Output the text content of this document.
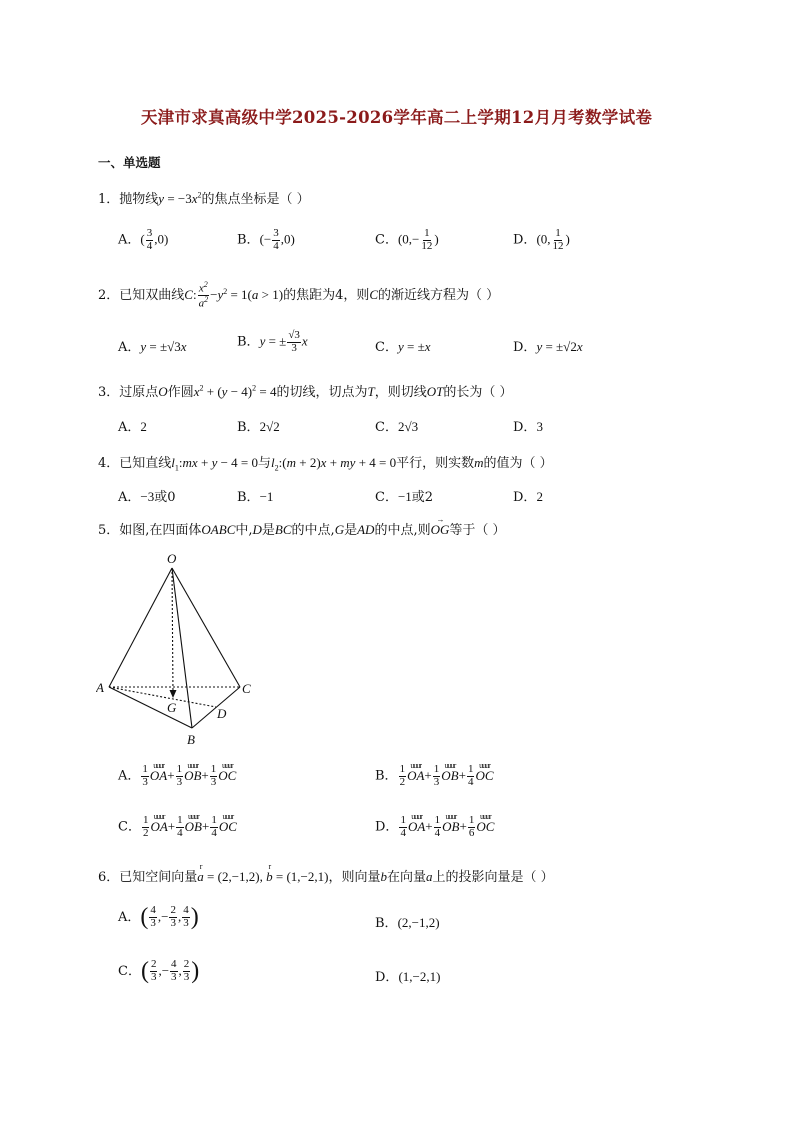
天津市求真高级中学2025-2026学年高二上学期12月月考数学试卷
一、单选题
1．抛物线$y = -3x^2$的焦点坐标是（ ）
A．( $\frac{3}{4} ,0$)	B．(− $\frac{3}{4} ,0$)	C．($0,- \frac{1}{12}$ )	D．(0, $\frac{1}{12}$ )
2．已知双曲线C: $\frac{x^2}{a^2} -y^2 = 1(a > 1)$的焦距为4，则C的渐近线方程为（ ）
A．y = ±√3x	B．y = ± $\frac{√3}{3}$ x	C．y = ±x	D．y = ±√2x
3．过原点O作圆$x^2 + (y - 4)^2 = 4$的切线，切点为T，则切线OT的长为（ ）
A．2	B．2√2	C．2√3	D．3
4．已知直线$l_1:mx + y - 4 = 0$与$l_2:(m + 2)x$ + my + 4 = 0平行，则实数m的值为（ ）
A．−3或0	B．−1	C．−1或2	D．2
5．如图,在四面体OABC中,D是BC的中点,G是AD的中点,则OG
→
等于（ ）
O
A	C
B
D
G
A． $\frac{1}{3}$ OA
uuur
+ $\frac{1}{3}$ OB
uuur
+ $\frac{1}{3}$ OC
uuur
B． $\frac{1}{2}$ OA
uuur
+ $\frac{1}{3}$ OB
uuur
+ $\frac{1}{4}$ OC
uuur
C． $\frac{1}{2}$ OA
uuur
+ $\frac{1}{4}$ OB
uuur
+ $\frac{1}{4}$ OC
uuur
D． $\frac{1}{4}$ OA
uuur
+ $\frac{1}{4}$ OB
uuur
+ $\frac{1}{6}$ OC
uuur
6．已知空间向量a
r
= (2,−1,2), b
r
= (1,−2,1)，则向量b在向量a上的投影向量是（ ）
A．( $\frac{4}{3}$ ,− $\frac{2}{3}$ , $\frac{4}{3}$ )	B．(2,−1,2)
C．( $\frac{2}{3}$ ,− $\frac{4}{3}$ , $\frac{2}{3}$ )	D．(1,−2,1)
